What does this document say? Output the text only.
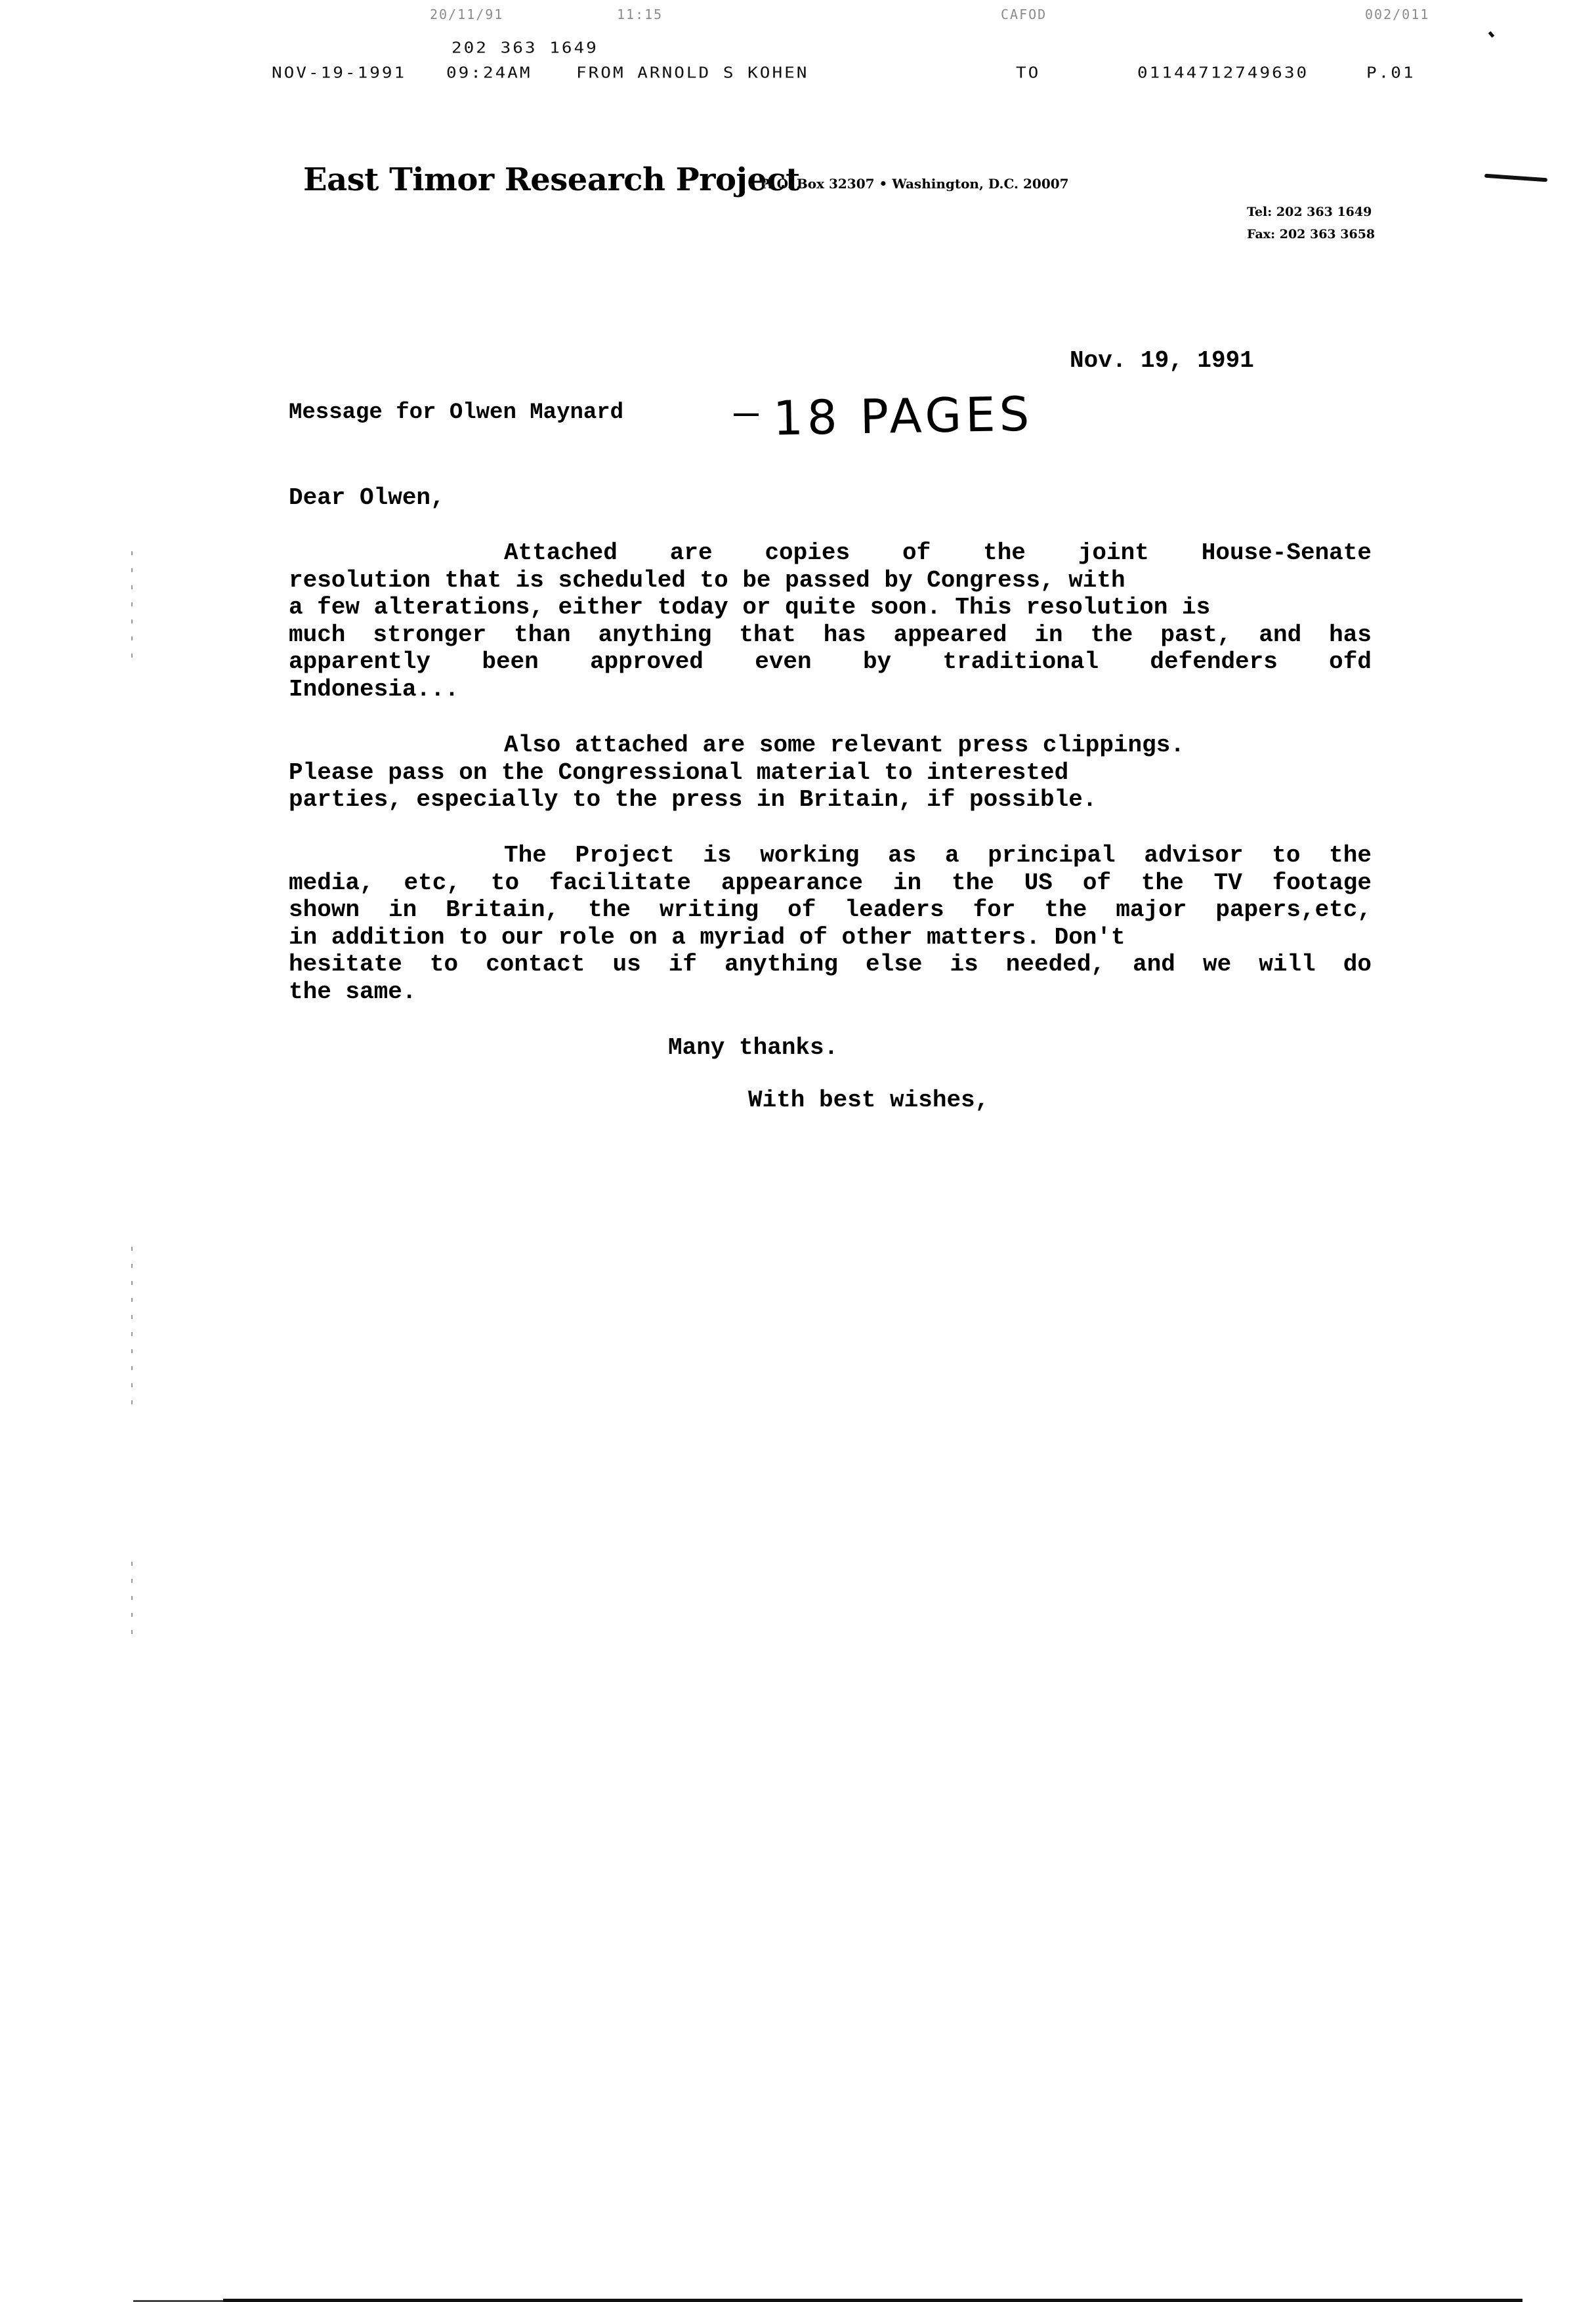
20/11/91	11:15	CAFOD	002/011
202 363 1649
NOV-19-1991 09:24AM	FROM ARNOLD S KOHEN	TO	01144712749630	P.01
East Timor Research Project
P. O. Box 32307 • Washington, D.C. 20007
Tel: 202 363 1649
Fax: 202 363 3658
Nov. 19, 1991
Message for Olwen Maynard	18 PAGES
Dear Olwen,
Attached are copies of the joint House-Senate
resolution that is scheduled to be passed by Congress, with
a few alterations, either today or quite soon. This resolution is
much stronger than anything that has appeared in the past, and has
apparently been approved even by traditional defenders ofd
Indonesia...
Also attached are some relevant press clippings.
Please pass on the Congressional material to interested
parties, especially to the press in Britain, if possible.
The Project is working as a principal advisor to the
media, etc, to facilitate appearance in the US of the TV footage
shown in Britain, the writing of leaders for the major papers,etc,
in addition to our role on a myriad of other matters. Don't
hesitate to contact us if anything else is needed, and we will do
the same.
Many thanks.
With best wishes,
